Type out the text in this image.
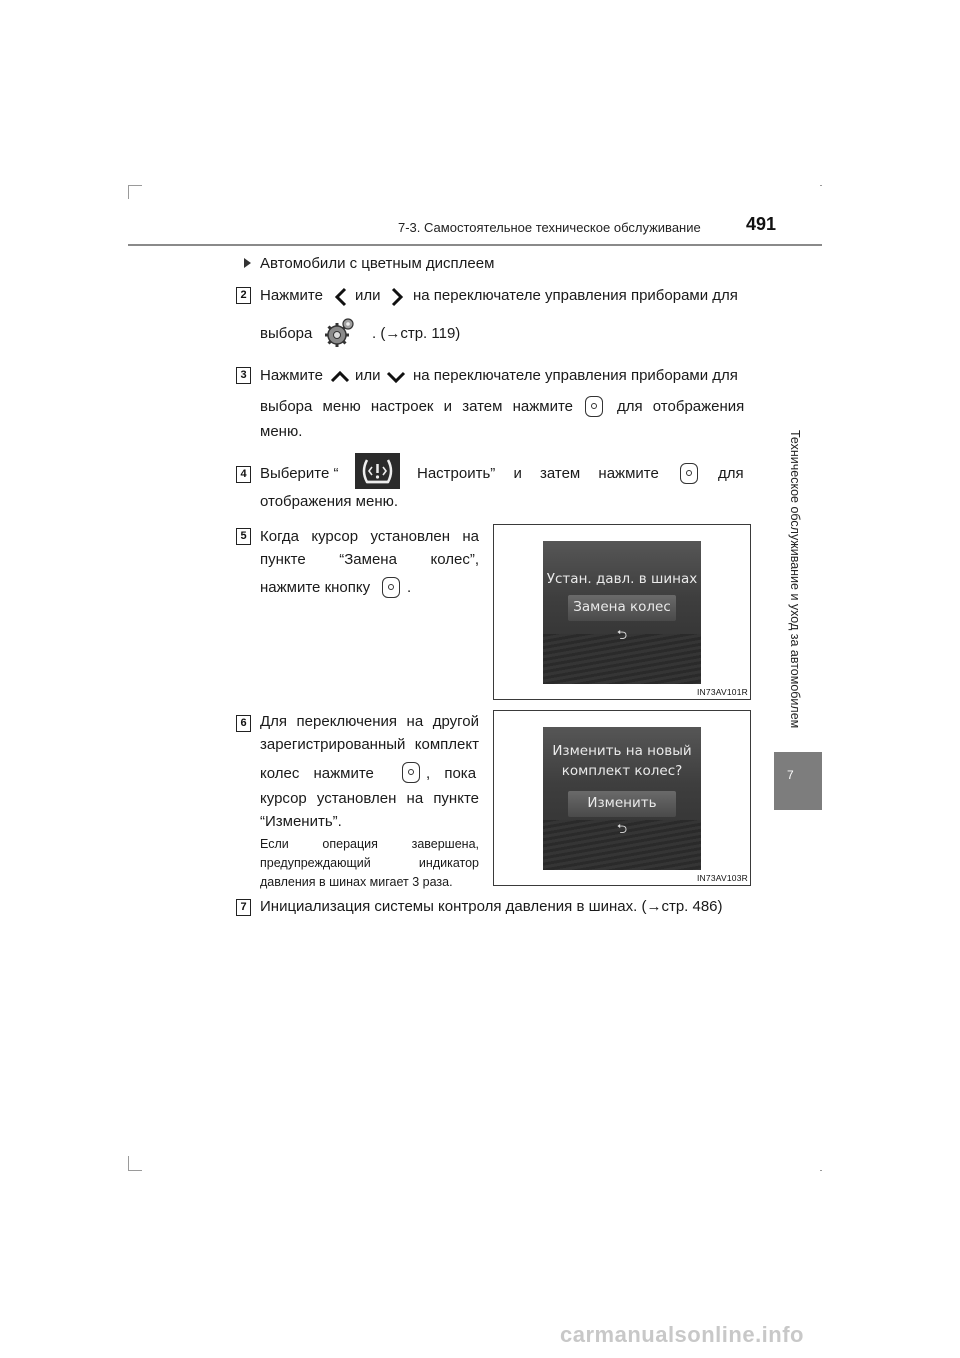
7-3. Самостоятельное техническое обслуживание	491
Техническое обслуживание и уход за автомобилем
7
Автомобили с цветным дисплеем
2 Нажмите или на переключателе управления приборами для
выбора	. (→стр. 119)
3 Нажмите или на переключателе управления приборами для
выбора меню настроек и затем нажмите	для отображения
меню.
4 Выберите “	Настроить” и затем нажмите	для
отображения меню.
5 Когда курсор установлен на
пункте “Замена колес”,
нажмите кнопку .	Устан. давл. в шинах
Замена колес
⮌
IN73AV101R
6 Для переключения на другой
зарегистрированный комплект
колес нажмите	, пока
курсор установлен на пункте
“Изменить”.
Если операция завершена,
предупреждающий индикатор
давления в шинах мигает 3 раза.
Изменить на новый
комплект колес?
Изменить
⮌
IN73AV103R
7 Инициализация системы контроля давления в шинах. (→стр. 486)
carmanualsonline.info
